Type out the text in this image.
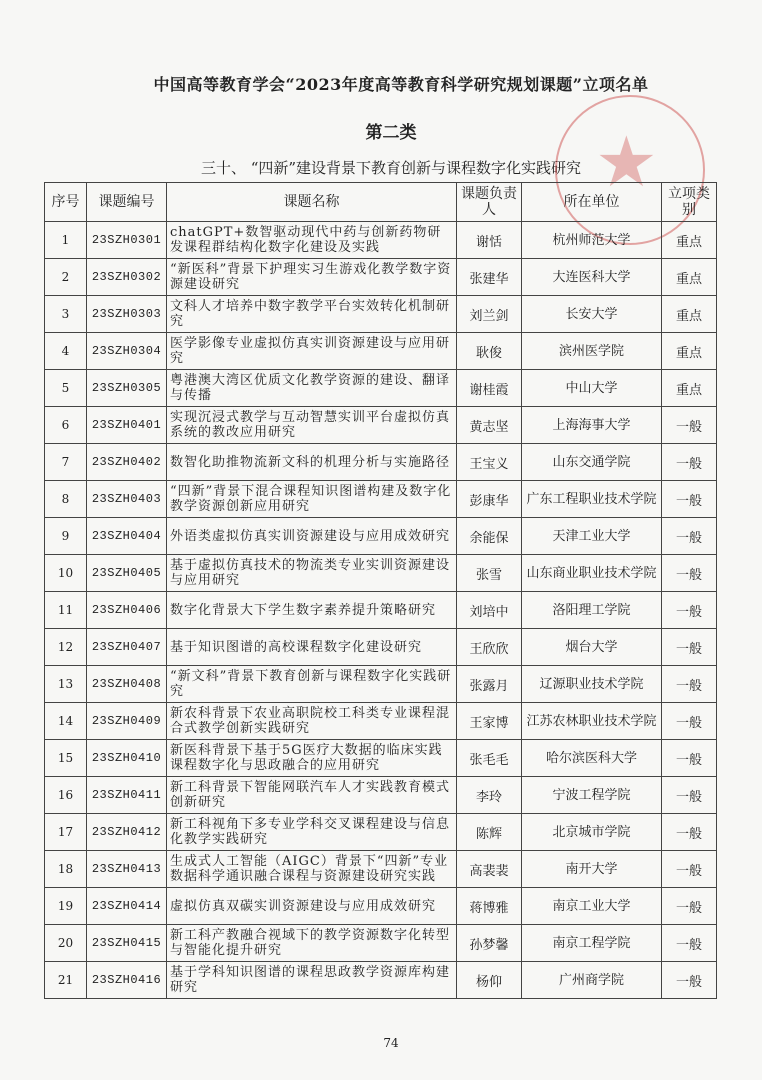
中国高等教育学会“2023年度高等教育科学研究规划课题”立项名单
第二类
三十、 “四新”建设背景下教育创新与课程数字化实践研究 ★
序号	课题编号	课题名称	课题负责人	所在单位	立项类别
1	23SZH0301	chatGPT+数智驱动现代中药与创新药物研发课程群结构化数字化建设及实践	谢恬	杭州师范大学	重点
2	23SZH0302	“新医科”背景下护理实习生游戏化教学数字资源建设研究	张建华	大连医科大学	重点
3	23SZH0303	文科人才培养中数字教学平台实效转化机制研究	刘兰剑	长安大学	重点
4	23SZH0304	医学影像专业虚拟仿真实训资源建设与应用研究	耿俊	滨州医学院	重点
5	23SZH0305	粤港澳大湾区优质文化教学资源的建设、翻译与传播	谢桂霞	中山大学	重点
6	23SZH0401	实现沉浸式教学与互动智慧实训平台虚拟仿真系统的教改应用研究	黄志坚	上海海事大学	一般
7	23SZH0402	数智化助推物流新文科的机理分析与实施路径	王宝义	山东交通学院	一般
8	23SZH0403	“四新”背景下混合课程知识图谱构建及数字化教学资源创新应用研究	彭康华	广东工程职业技术学院	一般
9	23SZH0404	外语类虚拟仿真实训资源建设与应用成效研究	余能保	天津工业大学	一般
10	23SZH0405	基于虚拟仿真技术的物流类专业实训资源建设与应用研究	张雪	山东商业职业技术学院	一般
11	23SZH0406	数字化背景大下学生数字素养提升策略研究	刘培中	洛阳理工学院	一般
12	23SZH0407	基于知识图谱的高校课程数字化建设研究	王欣欣	烟台大学	一般
13	23SZH0408	“新文科”背景下教育创新与课程数字化实践研究	张露月	辽源职业技术学院	一般
14	23SZH0409	新农科背景下农业高职院校工科类专业课程混合式教学创新实践研究	王家博	江苏农林职业技术学院	一般
15	23SZH0410	新医科背景下基于5G医疗大数据的临床实践课程数字化与思政融合的应用研究	张毛毛	哈尔滨医科大学	一般
16	23SZH0411	新工科背景下智能网联汽车人才实践教育模式创新研究	李玲	宁波工程学院	一般
17	23SZH0412	新工科视角下多专业学科交叉课程建设与信息化教学实践研究	陈辉	北京城市学院	一般
18	23SZH0413	生成式人工智能（AIGC）背景下“四新”专业数据科学通识融合课程与资源建设研究实践	高裴裴	南开大学	一般
19	23SZH0414	虚拟仿真双碳实训资源建设与应用成效研究	蒋博雅	南京工业大学	一般
20	23SZH0415	新工科产教融合视域下的教学资源数字化转型与智能化提升研究	孙梦馨	南京工程学院	一般
21	23SZH0416	基于学科知识图谱的课程思政教学资源库构建研究	杨仰	广州商学院	一般
74
